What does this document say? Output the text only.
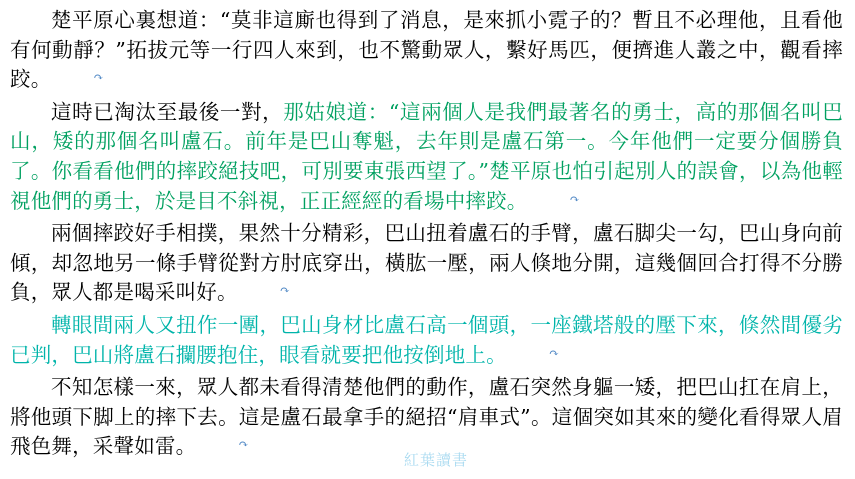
楚平原心裏想道：“莫非這廝也得到了消息，是來抓小霓子的？暫且不必理他，且看他有何動靜？”拓拔元等一行四人來到，也不驚動眾人，繫好馬匹，便擠進人叢之中，觀看摔跤。	↷

這時已淘汰至最後一對，那姑娘道：“這兩個人是我們最著名的勇士，高的那個名叫巴山，矮的那個名叫盧石。前年是巴山奪魁，去年則是盧石第一。今年他們一定要分個勝負了。你看看他們的摔跤絕技吧，可別要東張西望了。”楚平原也怕引起別人的誤會，以為他輕視他們的勇士，於是目不斜視，正正經經的看場中摔跤。	↷

兩個摔跤好手相撲，果然十分精彩，巴山扭着盧石的手臂，盧石脚尖一勾，巴山身向前傾，却忽地另一條手臂從對方肘底穿出，橫肱一壓，兩人倏地分開，這幾個回合打得不分勝負，眾人都是喝采叫好。	↷

轉眼間兩人又扭作一團，巴山身材比盧石高一個頭，一座鐵塔般的壓下來，倏然間優劣已判，巴山將盧石攔腰抱住，眼看就要把他按倒地上。	↷

不知怎樣一來，眾人都未看得清楚他們的動作，盧石突然身軀一矮，把巴山扛在肩上，將他頭下脚上的摔下去。這是盧石最拿手的絕招“肩車式”。這個突如其來的變化看得眾人眉飛色舞，采聲如雷。	↷

紅葉讀書
